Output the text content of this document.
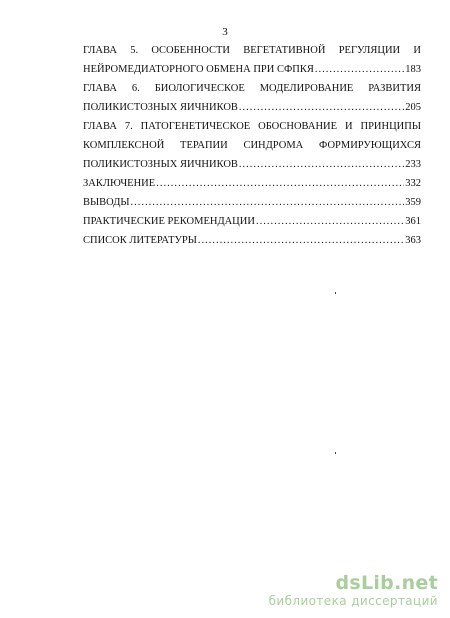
3
ГЛАВА 5. ОСОБЕННОСТИ ВЕГЕТАТИВНОЙ РЕГУЛЯЦИИ И
НЕЙРОМЕДИАТОРНОГО ОБМЕНА ПРИ СФПКЯ .....	183
ГЛАВА 6. БИОЛОГИЧЕСКОЕ МОДЕЛИРОВАНИЕ РАЗВИТИЯ
ПОЛИКИСТОЗНЫХ ЯИЧНИКОВ .....	205
ГЛАВА 7. ПАТОГЕНЕТИЧЕСКОЕ ОБОСНОВАНИЕ И ПРИНЦИПЫ
КОМПЛЕКСНОЙ ТЕРАПИИ СИНДРОМА ФОРМИРУЮЩИХСЯ
ПОЛИКИСТОЗНЫХ ЯИЧНИКОВ .....	233
ЗАКЛЮЧЕНИЕ .....	332
ВЫВОДЫ .....	359
ПРАКТИЧЕСКИЕ РЕКОМЕНДАЦИИ .....	361
СПИСОК ЛИТЕРАТУРЫ .....	363
dsLib.net
библиотека диссертаций
